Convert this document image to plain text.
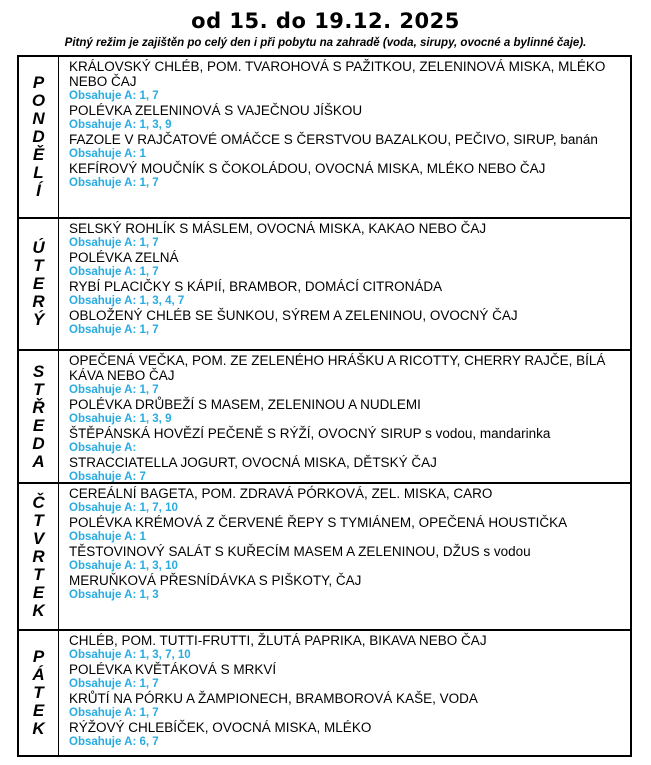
od 15. do 19.12. 2025
Pitný režim je zajištěn po celý den i při pobytu na zahradě (voda, sirupy, ovocné a bylinné čaje).
P
O
N
D
Ě
L
Í
KRÁLOVSKÝ CHLÉB, POM. TVAROHOVÁ S PAŽITKOU, ZELENINOVÁ MISKA, MLÉKO NEBO ČAJ
Obsahuje A: 1, 7
POLÉVKA ZELENINOVÁ S VAJEČNOU JÍŠKOU
Obsahuje A: 1, 3, 9
FAZOLE V RAJČATOVÉ OMÁČCE S ČERSTVOU BAZALKOU, PEČIVO, SIRUP, banán
Obsahuje A: 1
KEFÍROVÝ MOUČNÍK S ČOKOLÁDOU, OVOCNÁ MISKA, MLÉKO NEBO ČAJ
Obsahuje A: 1, 7
Ú
T
E
R
Ý
SELSKÝ ROHLÍK S MÁSLEM, OVOCNÁ MISKA, KAKAO NEBO ČAJ
Obsahuje A: 1, 7
POLÉVKA ZELNÁ
Obsahuje A: 1, 7
RYBÍ PLACIČKY S KÁPIÍ, BRAMBOR, DOMÁCÍ CITRONÁDA
Obsahuje A: 1, 3, 4, 7
OBLOŽENÝ CHLÉB SE ŠUNKOU, SÝREM A ZELENINOU, OVOCNÝ ČAJ
Obsahuje A: 1, 7
S
T
Ř
E
D
A
OPEČENÁ VEČKA, POM. ZE ZELENÉHO HRÁŠKU A RICOTTY, CHERRY RAJČE, BÍLÁ KÁVA NEBO ČAJ
Obsahuje A: 1, 7
POLÉVKA DRŮBEŽÍ S MASEM, ZELENINOU A NUDLEMI
Obsahuje A: 1, 3, 9
ŠTĚPÁNSKÁ HOVĚZÍ PEČENĚ S RÝŽÍ, OVOCNÝ SIRUP s vodou, mandarinka
Obsahuje A:
STRACCIATELLA JOGURT, OVOCNÁ MISKA, DĚTSKÝ ČAJ
Obsahuje A: 7
Č
T
V
R
T
E
K
CEREÁLNÍ BAGETA, POM. ZDRAVÁ PÓRKOVÁ, ZEL. MISKA, CARO
Obsahuje A: 1, 7, 10
POLÉVKA KRÉMOVÁ Z ČERVENÉ ŘEPY S TYMIÁNEM, OPEČENÁ HOUSTIČKA
Obsahuje A: 1
TĚSTOVINOVÝ SALÁT S KUŘECÍM MASEM A ZELENINOU, DŽUS s vodou
Obsahuje A: 1, 3, 10
MERUŇKOVÁ PŘESNÍDÁVKA S PIŠKOTY, ČAJ
Obsahuje A: 1, 3
P
Á
T
E
K
CHLÉB, POM. TUTTI-FRUTTI, ŽLUTÁ PAPRIKA, BIKAVA NEBO ČAJ
Obsahuje A: 1, 3, 7, 10
POLÉVKA KVĚTÁKOVÁ S MRKVÍ
Obsahuje A: 1, 7
KRŮTÍ NA PÓRKU A ŽAMPIONECH, BRAMBOROVÁ KAŠE, VODA
Obsahuje A: 1, 7
RÝŽOVÝ CHLEBÍČEK, OVOCNÁ MISKA, MLÉKO
Obsahuje A: 6, 7
